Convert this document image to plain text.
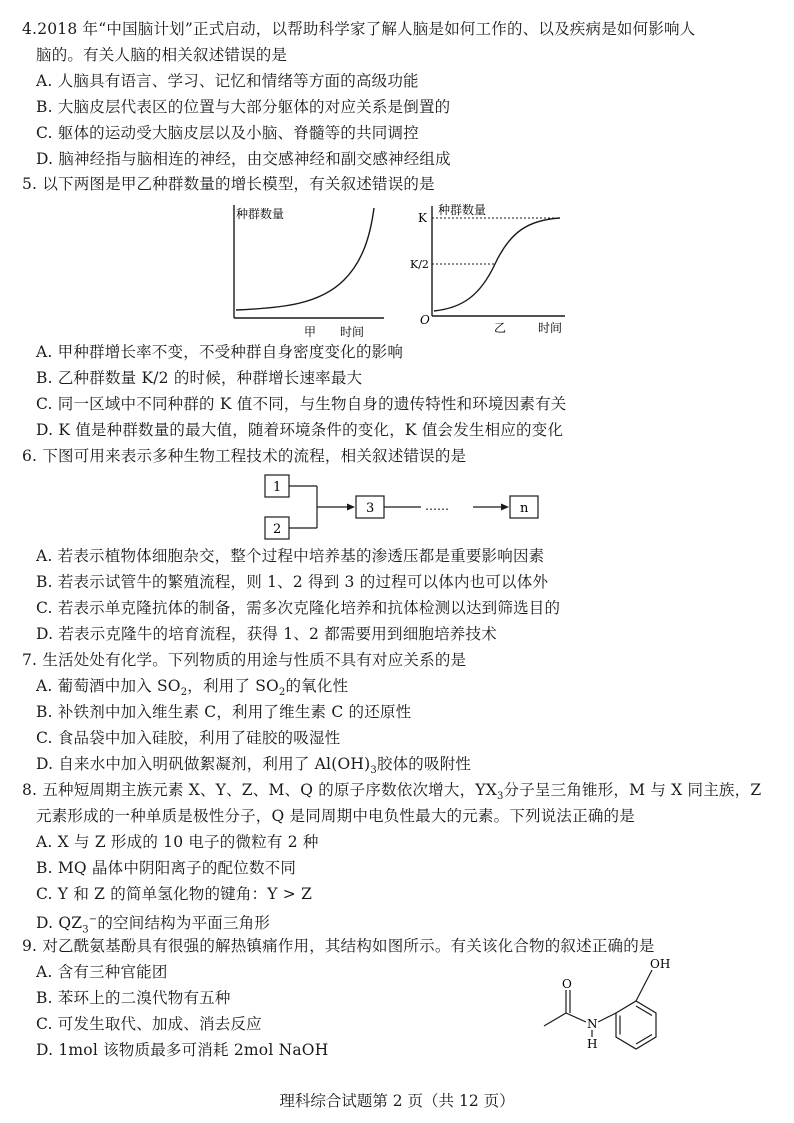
4.2018 年“中国脑计划”正式启动，以帮助科学家了解人脑是如何工作的、以及疾病是如何影响人
脑的。有关人脑的相关叙述错误的是
A. 人脑具有语言、学习、记忆和情绪等方面的高级功能
B. 大脑皮层代表区的位置与大部分躯体的对应关系是倒置的
C. 躯体的运动受大脑皮层以及小脑、脊髓等的共同调控
D. 脑神经指与脑相连的神经，由交感神经和副交感神经组成
5. 以下两图是甲乙种群数量的增长模型，有关叙述错误的是
种群数量
甲 时间
K
K/2
O
种群数量
乙	时间
A. 甲种群增长率不变，不受种群自身密度变化的影响
B. 乙种群数量 K/2 的时候，种群增长速率最大
C. 同一区域中不同种群的 K 值不同，与生物自身的遗传特性和环境因素有关
D. K 值是种群数量的最大值，随着环境条件的变化，K 值会发生相应的变化
6. 下图可用来表示多种生物工程技术的流程，相关叙述错误的是
1
2
3	……	n
A. 若表示植物体细胞杂交，整个过程中培养基的渗透压都是重要影响因素
B. 若表示试管牛的繁殖流程，则 1、2 得到 3 的过程可以体内也可以体外
C. 若表示单克隆抗体的制备，需多次克隆化培养和抗体检测以达到筛选目的
D. 若表示克隆牛的培育流程，获得 1、2 都需要用到细胞培养技术
7. 生活处处有化学。下列物质的用途与性质不具有对应关系的是
A. 葡萄酒中加入 $SO_2$，利用了 $SO_2$的氧化性
B. 补铁剂中加入维生素 C，利用了维生素 C 的还原性
C. 食品袋中加入硅胶，利用了硅胶的吸湿性
D. 自来水中加入明矾做絮凝剂，利用了 $Al(OH)_3$胶体的吸附性
8. 五种短周期主族元素 X、Y、Z、M、Q 的原子序数依次增大，$YX_3$分子呈三角锥形，M 与 X 同主族，Z
元素形成的一种单质是极性分子，Q 是同周期中电负性最大的元素。下列说法正确的是
A. X 与 Z 形成的 10 电子的微粒有 2 种
B. MQ 晶体中阴阳离子的配位数不同
C. Y 和 Z 的简单氢化物的键角：Y > Z
D. $QZ_3^-$的空间结构为平面三角形
9. 对乙酰氨基酚具有很强的解热镇痛作用，其结构如图所示。有关该化合物的叙述正确的是
A. 含有三种官能团
B. 苯环上的二溴代物有五种
C. 可发生取代、加成、消去反应
D. 1mol 该物质最多可消耗 2mol NaOH
OH
O
N
H
理科综合试题第 2 页（共 12 页）
